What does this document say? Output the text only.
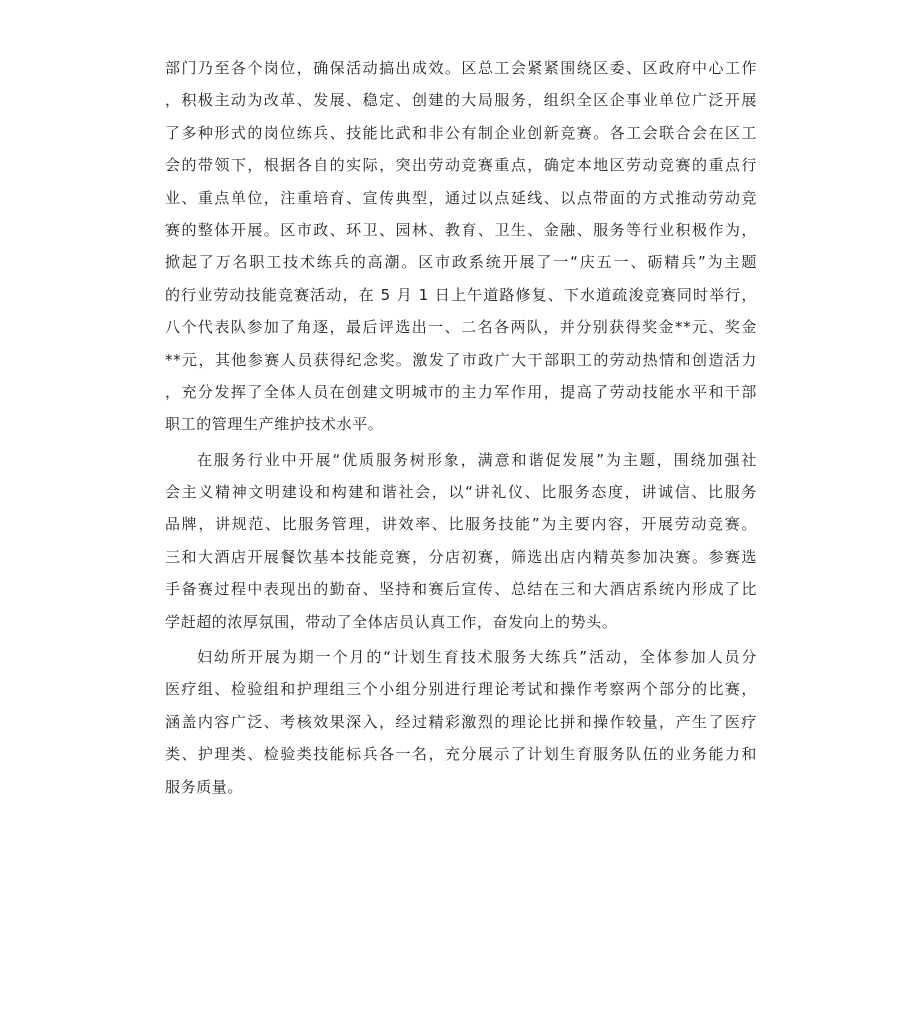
部门乃至各个岗位，确保活动搞出成效。区总工会紧紧围绕区委、区政府中心工作
，积极主动为改革、发展、稳定、创建的大局服务，组织全区企事业单位广泛开展
了多种形式的岗位练兵、技能比武和非公有制企业创新竞赛。各工会联合会在区工
会的带领下，根据各自的实际，突出劳动竞赛重点，确定本地区劳动竞赛的重点行
业、重点单位，注重培育、宣传典型，通过以点延线、以点带面的方式推动劳动竞
赛的整体开展。区市政、环卫、园林、教育、卫生、金融、服务等行业积极作为，
掀起了万名职工技术练兵的高潮。区市政系统开展了一“庆五一、砺精兵”为主题
的行业劳动技能竞赛活动，在 5 月 1 日上午道路修复、下水道疏浚竞赛同时举行，
八个代表队参加了角逐，最后评选出一、二名各两队，并分别获得奖金**元、奖金
**元，其他参赛人员获得纪念奖。激发了市政广大干部职工的劳动热情和创造活力
，充分发挥了全体人员在创建文明城市的主力军作用，提高了劳动技能水平和干部
职工的管理生产维护技术水平。
在服务行业中开展“优质服务树形象，满意和谐促发展”为主题，围绕加强社
会主义精神文明建设和构建和谐社会，以“讲礼仪、比服务态度，讲诚信、比服务
品牌，讲规范、比服务管理，讲效率、比服务技能”为主要内容，开展劳动竞赛。
三和大酒店开展餐饮基本技能竞赛，分店初赛，筛选出店内精英参加决赛。参赛选
手备赛过程中表现出的勤奋、坚持和赛后宣传、总结在三和大酒店系统内形成了比
学赶超的浓厚氛围，带动了全体店员认真工作，奋发向上的势头。
妇幼所开展为期一个月的“计划生育技术服务大练兵”活动，全体参加人员分
医疗组、检验组和护理组三个小组分别进行理论考试和操作考察两个部分的比赛，
涵盖内容广泛、考核效果深入，经过精彩激烈的理论比拼和操作较量，产生了医疗
类、护理类、检验类技能标兵各一名，充分展示了计划生育服务队伍的业务能力和
服务质量。
